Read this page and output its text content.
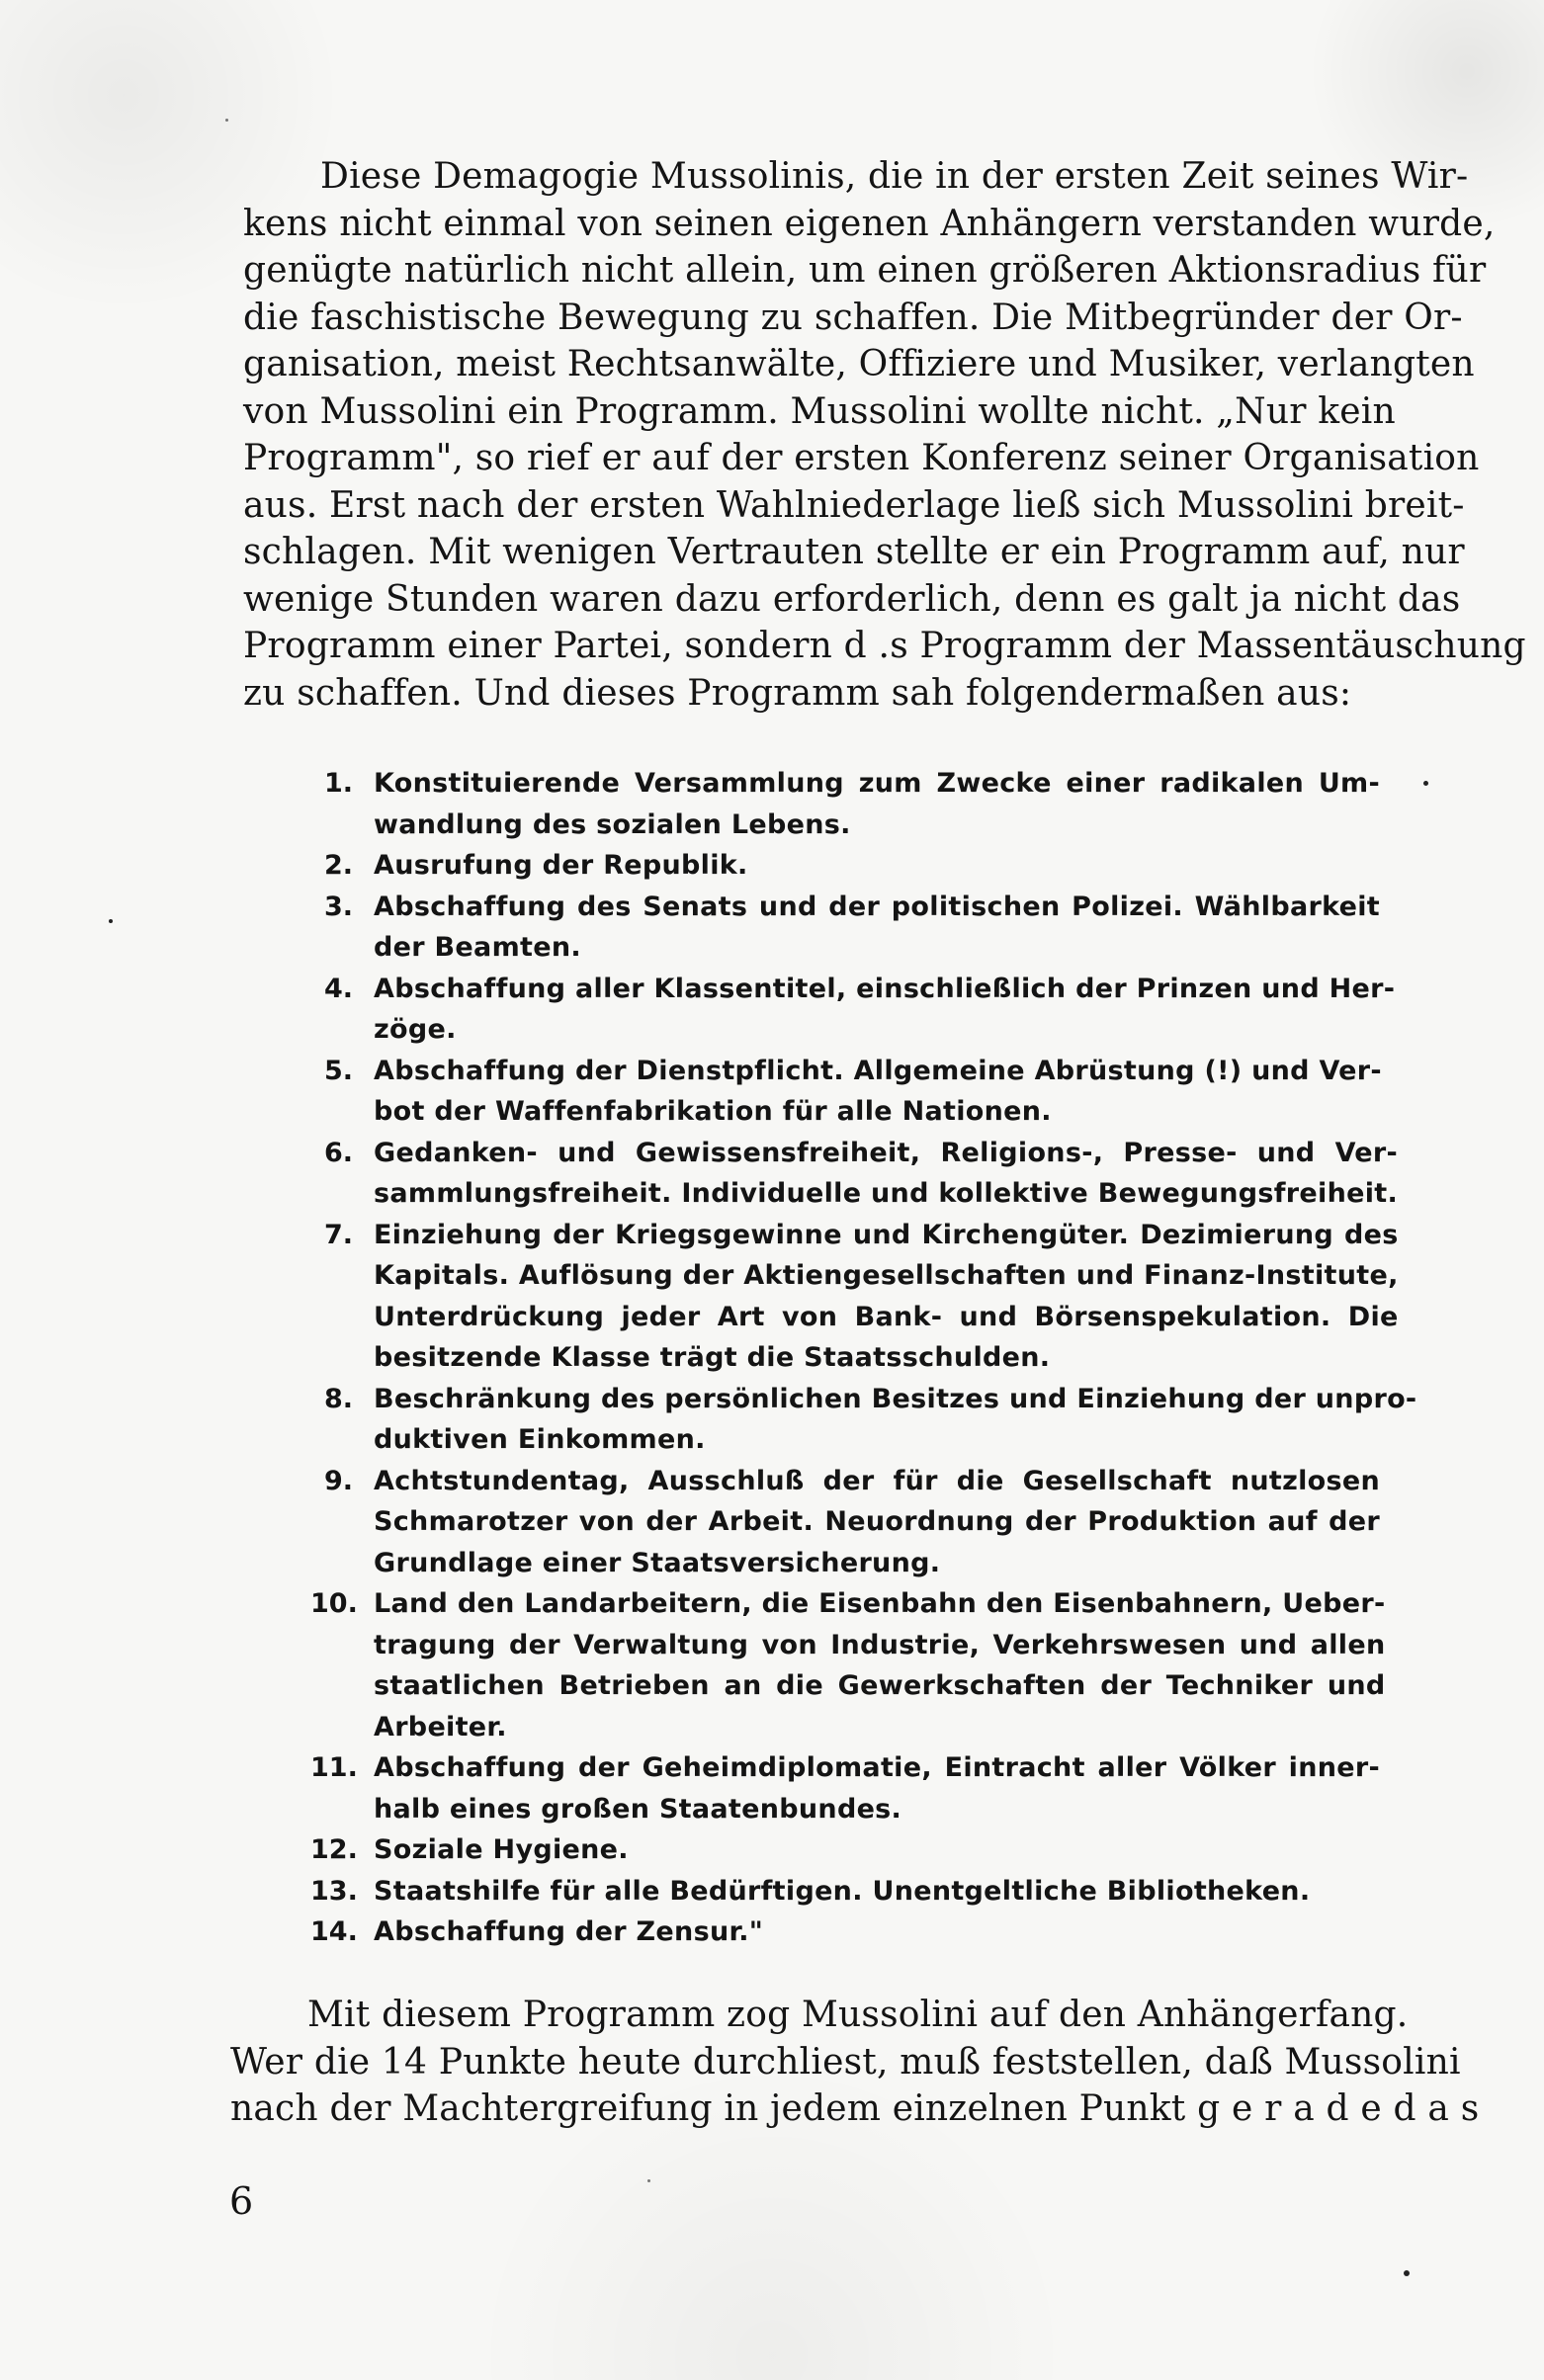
Diese Demagogie Mussolinis, die in der ersten Zeit seines Wir-
kens nicht einmal von seinen eigenen Anhängern verstanden wurde,
genügte natürlich nicht allein, um einen größeren Aktionsradius für
die faschistische Bewegung zu schaffen. Die Mitbegründer der Or-
ganisation, meist Rechtsanwälte, Offiziere und Musiker, verlangten
von Mussolini ein Programm. Mussolini wollte nicht. „Nur kein
Programm", so rief er auf der ersten Konferenz seiner Organisation
aus. Erst nach der ersten Wahlniederlage ließ sich Mussolini breit-
schlagen. Mit wenigen Vertrauten stellte er ein Programm auf, nur
wenige Stunden waren dazu erforderlich, denn es galt ja nicht das
Programm einer Partei, sondern d .s Programm der Massentäuschung
zu schaffen. Und dieses Programm sah folgendermaßen aus:
1. Konstituierende Versammlung zum Zwecke einer radikalen Um-
wandlung des sozialen Lebens.
2. Ausrufung der Republik.
3. Abschaffung des Senats und der politischen Polizei. Wählbarkeit
der Beamten.
4. Abschaffung aller Klassentitel, einschließlich der Prinzen und Her-
zöge.
5. Abschaffung der Dienstpflicht. Allgemeine Abrüstung (!) und Ver-
bot der Waffenfabrikation für alle Nationen.
6. Gedanken- und Gewissensfreiheit, Religions-, Presse- und Ver-
sammlungsfreiheit. Individuelle und kollektive Bewegungsfreiheit.
7. Einziehung der Kriegsgewinne und Kirchengüter. Dezimierung des
Kapitals. Auflösung der Aktiengesellschaften und Finanz-Institute,
Unterdrückung jeder Art von Bank- und Börsenspekulation. Die
besitzende Klasse trägt die Staatsschulden.
8. Beschränkung des persönlichen Besitzes und Einziehung der unpro-
duktiven Einkommen.
9. Achtstundentag, Ausschluß der für die Gesellschaft nutzlosen
Schmarotzer von der Arbeit. Neuordnung der Produktion auf der
Grundlage einer Staatsversicherung.
10. Land den Landarbeitern, die Eisenbahn den Eisenbahnern, Ueber-
tragung der Verwaltung von Industrie, Verkehrswesen und allen
staatlichen Betrieben an die Gewerkschaften der Techniker und
Arbeiter.
11. Abschaffung der Geheimdiplomatie, Eintracht aller Völker inner-
halb eines großen Staatenbundes.
12. Soziale Hygiene.
13. Staatshilfe für alle Bedürftigen. Unentgeltliche Bibliotheken.
14. Abschaffung der Zensur."
Mit diesem Programm zog Mussolini auf den Anhängerfang.
Wer die 14 Punkte heute durchliest, muß feststellen, daß Mussolini
nach der Machtergreifung in jedem einzelnen Punkt g e r a d e d a s
6
